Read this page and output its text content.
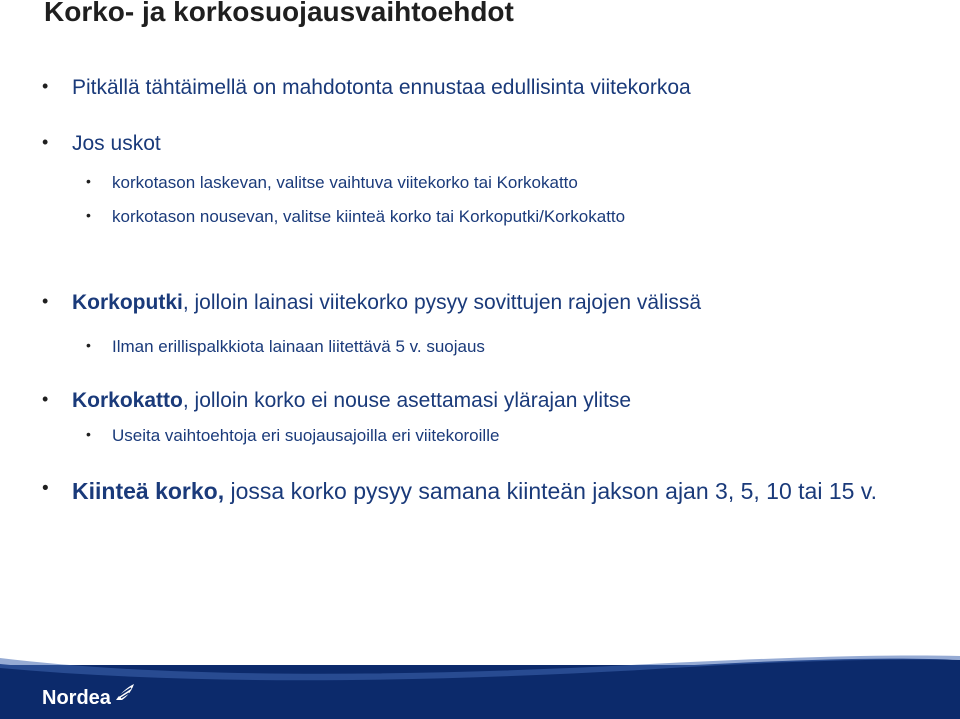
Korko- ja korkosuojausvaihtoehdot
• Pitkällä tähtäimellä on mahdotonta ennustaa edullisinta viitekorkoa
• Jos uskot
• korkotason laskevan, valitse vaihtuva viitekorko tai Korkokatto
• korkotason nousevan, valitse kiinteä korko tai Korkoputki/Korkokatto
• Korkoputki, jolloin lainasi viitekorko pysyy sovittujen rajojen välissä
• Ilman erillispalkkiota lainaan liitettävä 5 v. suojaus
• Korkokatto, jolloin korko ei nouse asettamasi ylärajan ylitse
• Useita vaihtoehtoja eri suojausajoilla eri viitekoroille
• Kiinteä korko, jossa korko pysyy samana kiinteän jakson ajan 3, 5, 10 tai 15 v.
Nordea
